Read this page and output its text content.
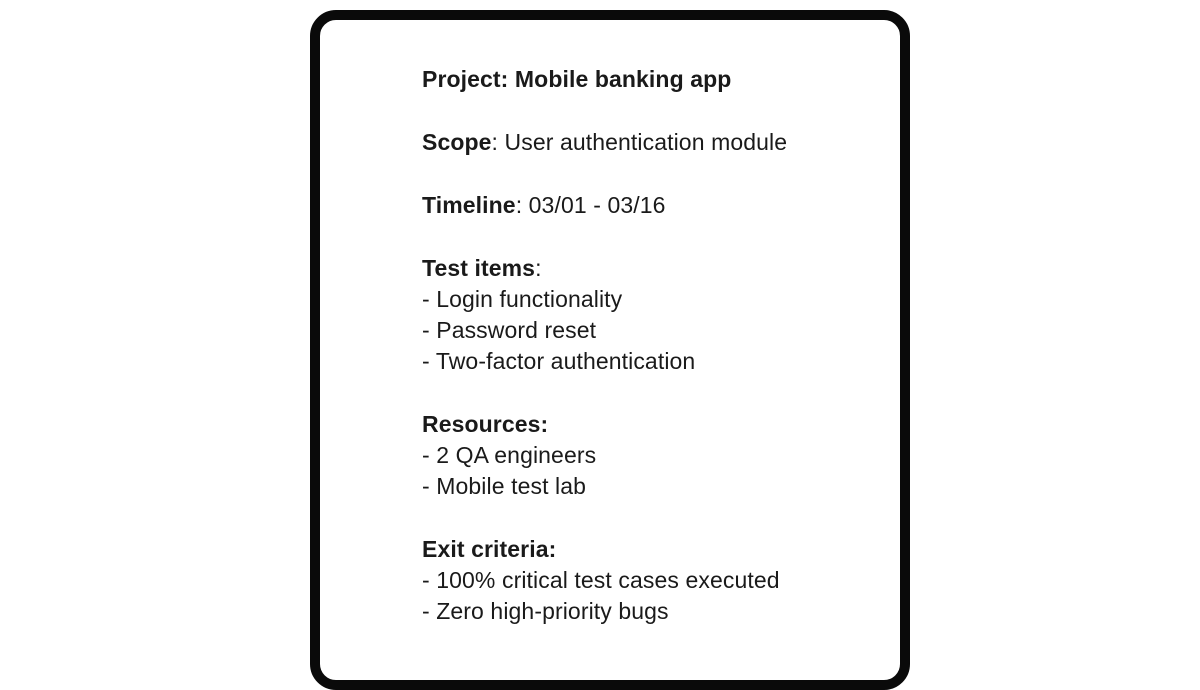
Project: Mobile banking app
Scope: User authentication module
Timeline: 03/01 - 03/16
Test items:
- Login functionality
- Password reset
- Two-factor authentication
Resources:
- 2 QA engineers
- Mobile test lab
Exit criteria:
- 100% critical test cases executed
- Zero high-priority bugs
